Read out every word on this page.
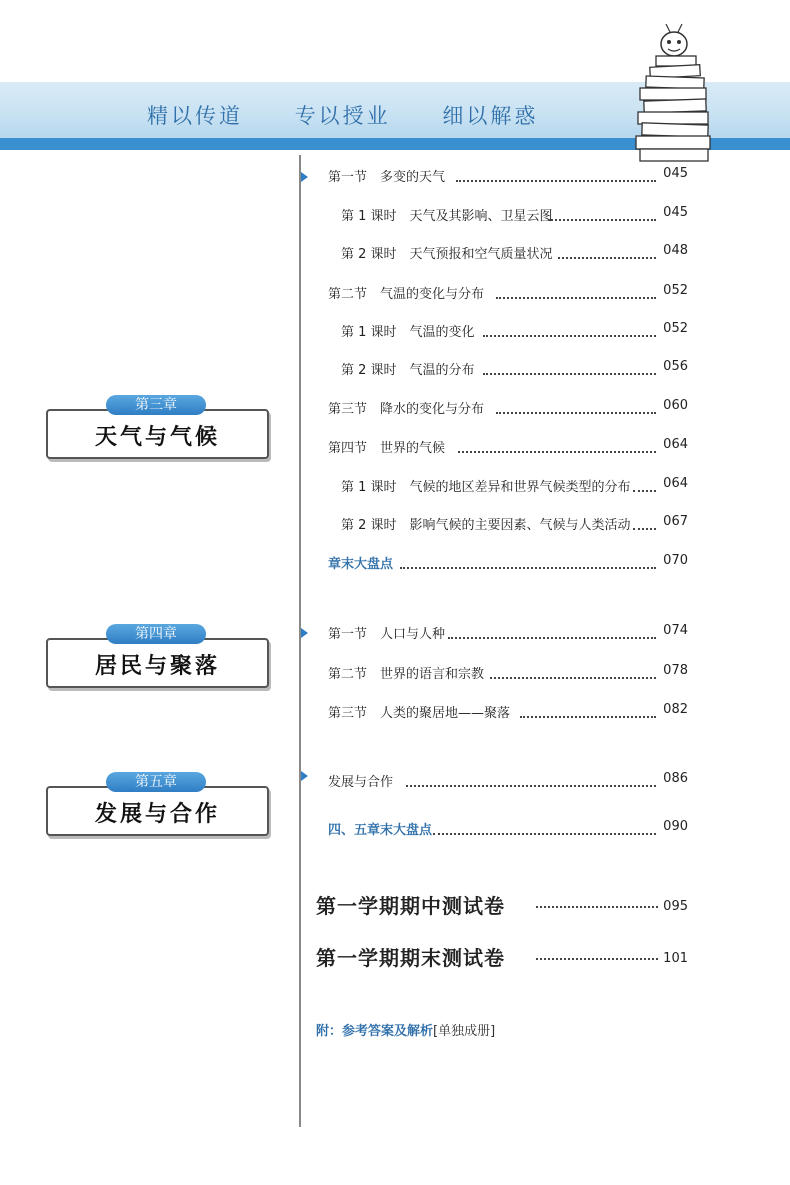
精以传道 专以授业 细以解惑
第三章
天气与气候
第四章
居民与聚落
第五章
发展与合作
第一节　多变的天气	045
第 1 课时　天气及其影响、卫星云图	045
第 2 课时　天气预报和空气质量状况	048
第二节　气温的变化与分布	052
第 1 课时　气温的变化	052
第 2 课时　气温的分布	056
第三节　降水的变化与分布	060
第四节　世界的气候	064
第 1 课时　气候的地区差异和世界气候类型的分布	064
第 2 课时　影响气候的主要因素、气候与人类活动	067
章末大盘点	070
第一节　人口与人种	074
第二节　世界的语言和宗教	078
第三节　人类的聚居地——聚落	082
发展与合作	086
四、五章末大盘点	090
第一学期期中测试卷	095
第一学期期末测试卷	101
附：参考答案及解析[单独成册]
